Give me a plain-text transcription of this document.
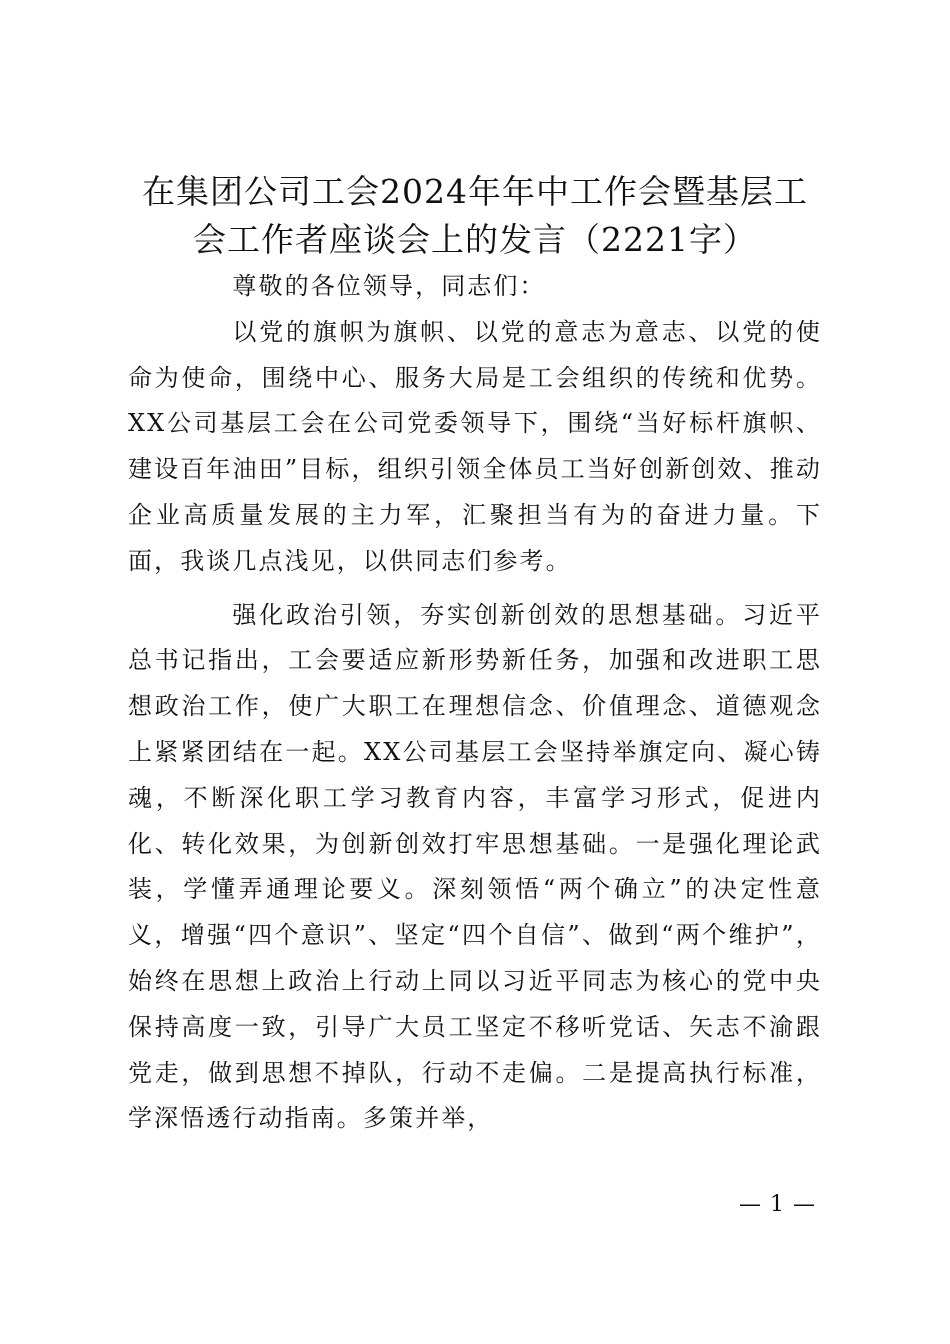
在集团公司工会2024年年中工作会暨基层工
会工作者座谈会上的发言（2221字）

尊敬的各位领导，同志们：

以党的旗帜为旗帜、以党的意志为意志、以党的使命为使命，围绕中心、服务大局是工会组织的传统和优势。XX公司基层工会在公司党委领导下，围绕“当好标杆旗帜、建设百年油田”目标，组织引领全体员工当好创新创效、推动企业高质量发展的主力军，汇聚担当有为的奋进力量。下面，我谈几点浅见，以供同志们参考。

强化政治引领，夯实创新创效的思想基础。习近平总书记指出，工会要适应新形势新任务，加强和改进职工思想政治工作，使广大职工在理想信念、价值理念、道德观念上紧紧团结在一起。XX公司基层工会坚持举旗定向、凝心铸魂，不断深化职工学习教育内容，丰富学习形式，促进内化、转化效果，为创新创效打牢思想基础。一是强化理论武装，学懂弄通理论要义。深刻领悟“两个确立”的决定性意义，增强“四个意识”、坚定“四个自信”、做到“两个维护”，始终在思想上政治上行动上同以习近平同志为核心的党中央保持高度一致，引导广大员工坚定不移听党话、矢志不渝跟党走，做到思想不掉队，行动不走偏。二是提高执行标准，学深悟透行动指南。多策并举，

— 1 —
